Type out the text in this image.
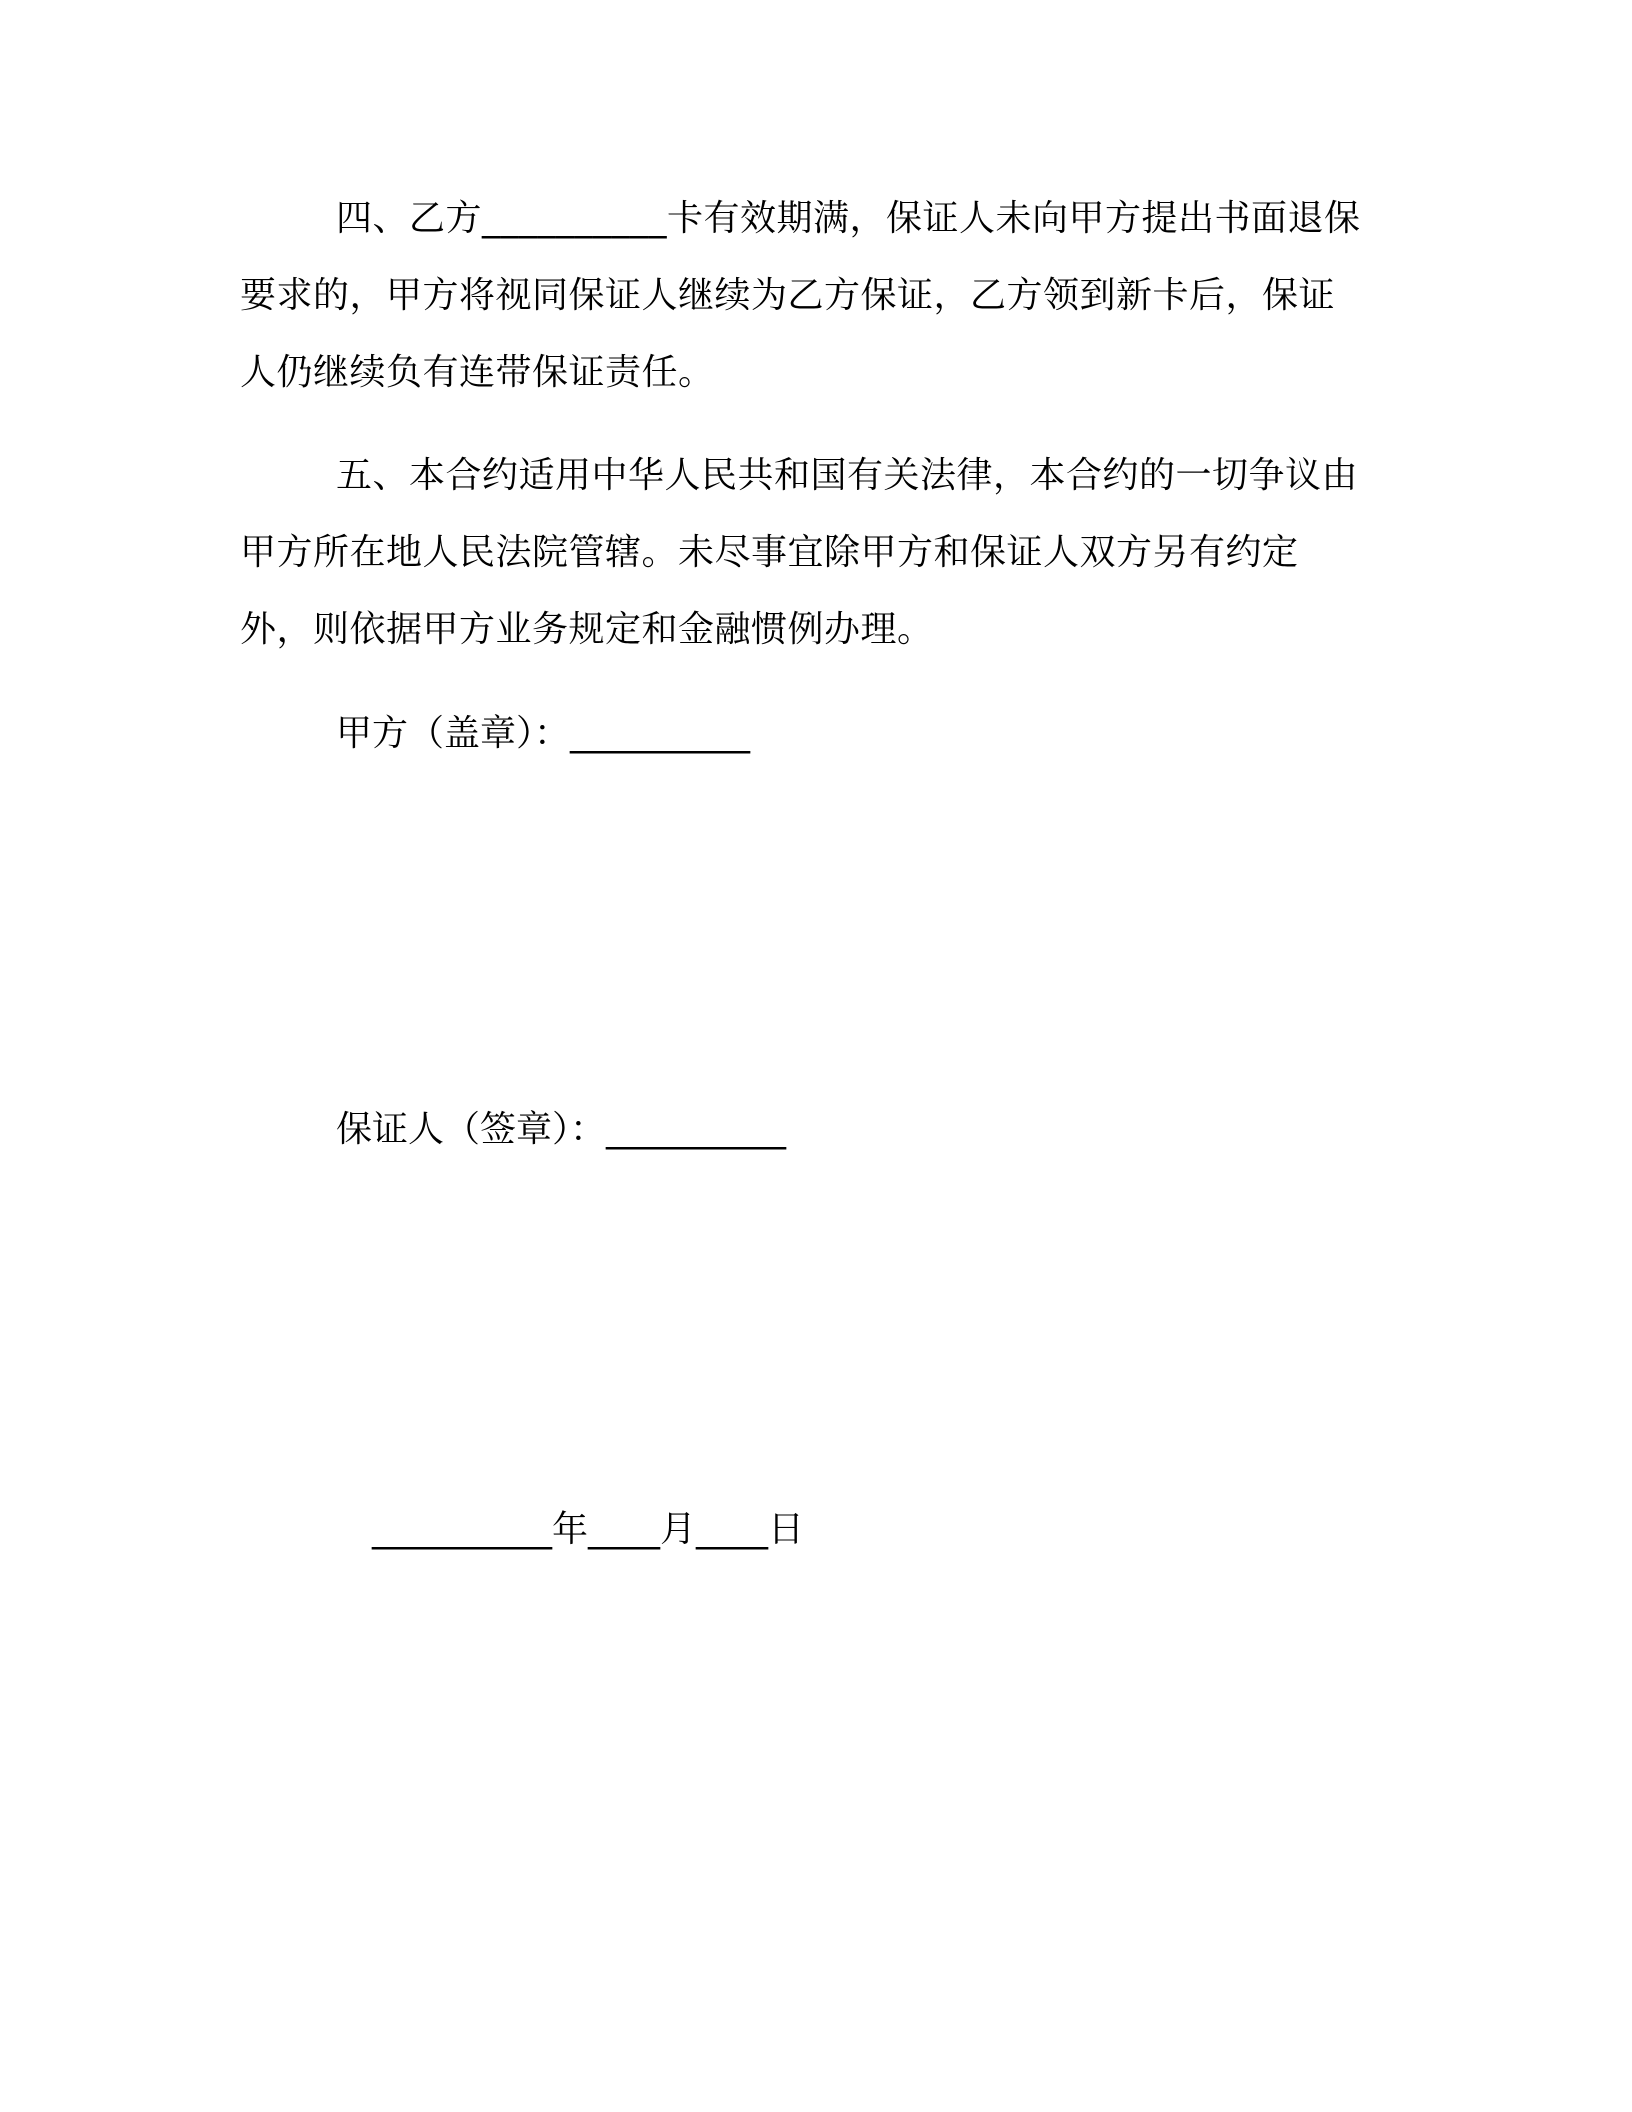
四、乙方__________卡有效期满，保证人未向甲方提出书面退保要求的，甲方将视同保证人继续为乙方保证，乙方领到新卡后，保证人仍继续负有连带保证责任。

五、本合约适用中华人民共和国有关法律，本合约的一切争议由甲方所在地人民法院管辖。未尽事宜除甲方和保证人双方另有约定外，则依据甲方业务规定和金融惯例办理。

甲方（盖章）：__________

保证人（签章）：__________

__________年____月____日
